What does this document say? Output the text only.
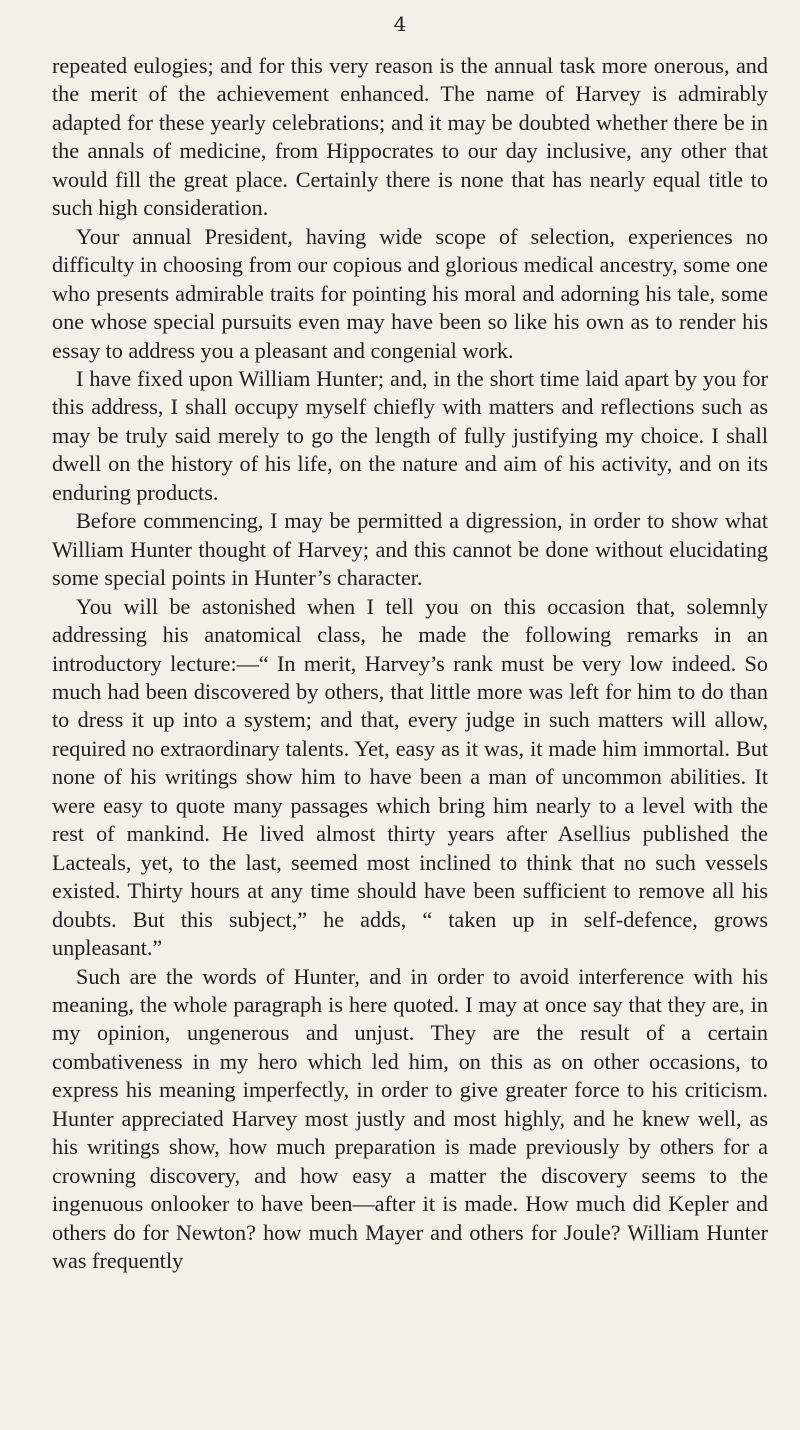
4

repeated eulogies; and for this very reason is the annual task more onerous, and the merit of the achievement enhanced. The name of Harvey is admirably adapted for these yearly celebrations; and it may be doubted whether there be in the annals of medicine, from Hippocrates to our day inclusive, any other that would fill the great place. Certainly there is none that has nearly equal title to such high consideration.

Your annual President, having wide scope of selection, experiences no difficulty in choosing from our copious and glorious medical ancestry, some one who presents admirable traits for pointing his moral and adorning his tale, some one whose special pursuits even may have been so like his own as to render his essay to address you a pleasant and congenial work.

I have fixed upon William Hunter; and, in the short time laid apart by you for this address, I shall occupy myself chiefly with matters and reflections such as may be truly said merely to go the length of fully justifying my choice. I shall dwell on the history of his life, on the nature and aim of his activity, and on its enduring products.

Before commencing, I may be permitted a digression, in order to show what William Hunter thought of Harvey; and this cannot be done without elucidating some special points in Hunter’s character.

You will be astonished when I tell you on this occasion that, solemnly addressing his anatomical class, he made the following remarks in an introductory lecture:—“ In merit, Harvey’s rank must be very low indeed. So much had been discovered by others, that little more was left for him to do than to dress it up into a system; and that, every judge in such matters will allow, required no extraordinary talents. Yet, easy as it was, it made him immortal. But none of his writings show him to have been a man of uncommon abilities. It were easy to quote many passages which bring him nearly to a level with the rest of mankind. He lived almost thirty years after Asellius published the Lacteals, yet, to the last, seemed most inclined to think that no such vessels existed. Thirty hours at any time should have been sufficient to remove all his doubts. But this subject,” he adds, “ taken up in self-defence, grows unpleasant.”

Such are the words of Hunter, and in order to avoid interference with his meaning, the whole paragraph is here quoted. I may at once say that they are, in my opinion, ungenerous and unjust. They are the result of a certain combativeness in my hero which led him, on this as on other occasions, to express his meaning imperfectly, in order to give greater force to his criticism. Hunter appreciated Harvey most justly and most highly, and he knew well, as his writings show, how much preparation is made previously by others for a crowning discovery, and how easy a matter the discovery seems to the ingenuous onlooker to have been—after it is made. How much did Kepler and others do for Newton? how much Mayer and others for Joule? William Hunter was frequently
